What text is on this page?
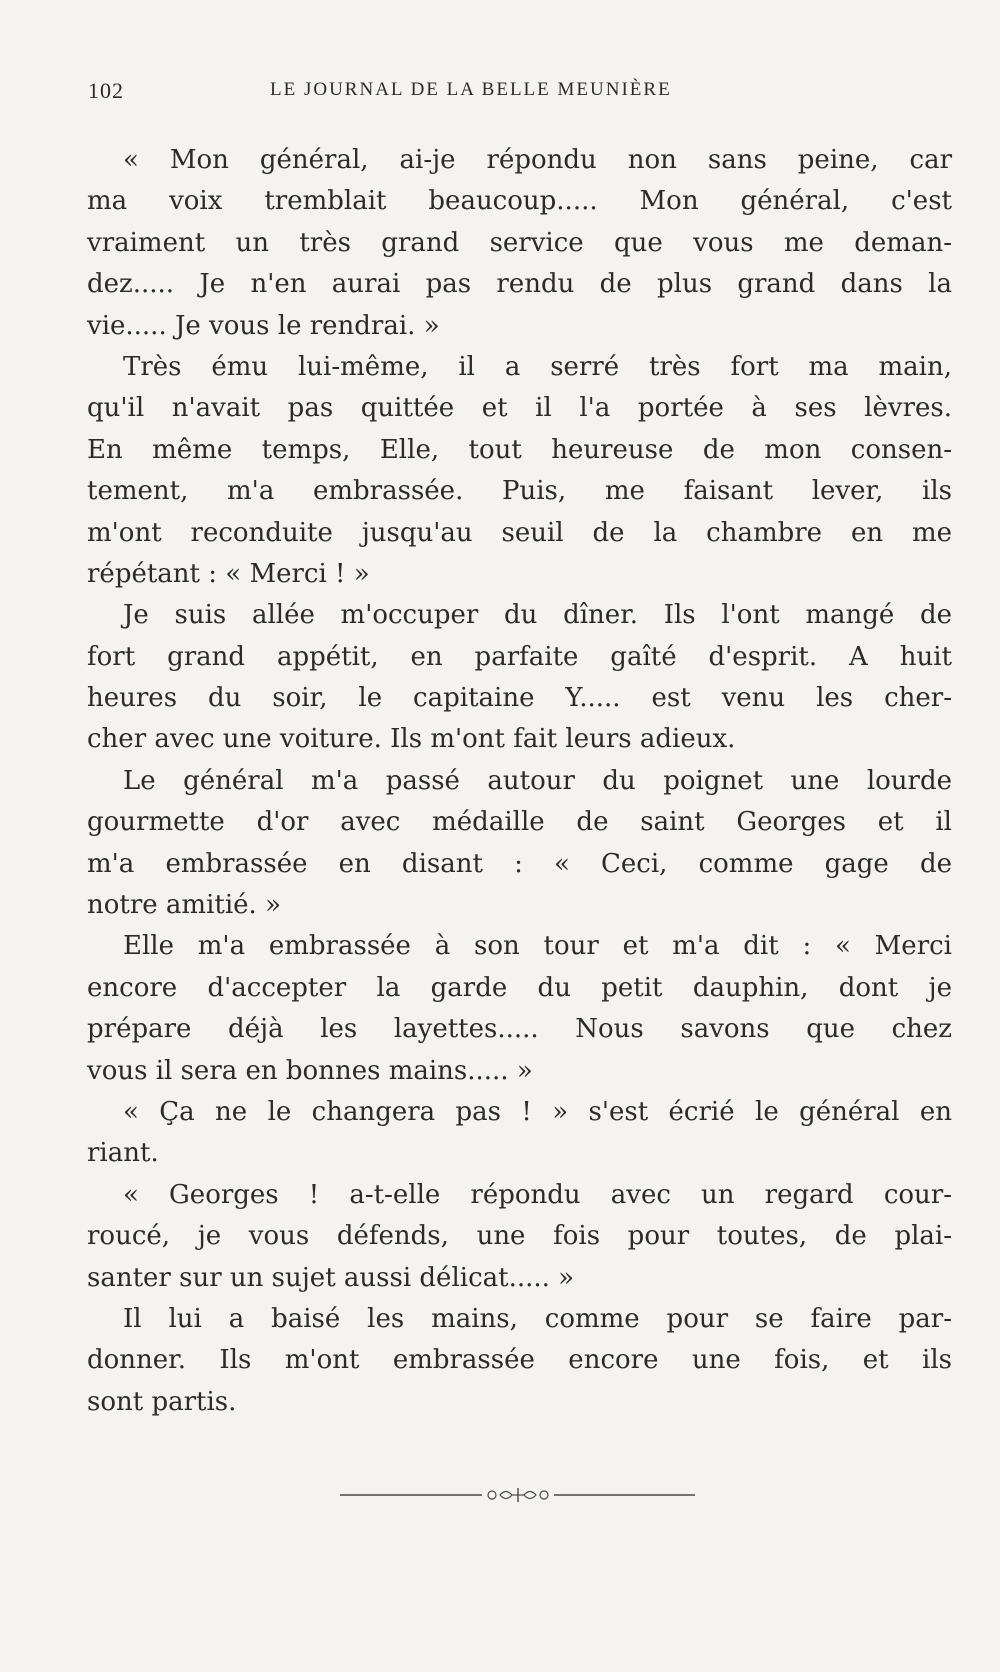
102	LE JOURNAL DE LA BELLE MEUNIÈRE
« Mon général, ai-je répondu non sans peine, car
ma voix tremblait beaucoup..... Mon général, c'est
vraiment un très grand service que vous me deman-
dez..... Je n'en aurai pas rendu de plus grand dans la
vie..... Je vous le rendrai. »
Très ému lui-même, il a serré très fort ma main,
qu'il n'avait pas quittée et il l'a portée à ses lèvres.
En même temps, Elle, tout heureuse de mon consen-
tement, m'a embrassée. Puis, me faisant lever, ils
m'ont reconduite jusqu'au seuil de la chambre en me
répétant : « Merci ! »
Je suis allée m'occuper du dîner. Ils l'ont mangé de
fort grand appétit, en parfaite gaîté d'esprit. A huit
heures du soir, le capitaine Y..... est venu les cher-
cher avec une voiture. Ils m'ont fait leurs adieux.
Le général m'a passé autour du poignet une lourde
gourmette d'or avec médaille de saint Georges et il
m'a embrassée en disant : « Ceci, comme gage de
notre amitié. »
Elle m'a embrassée à son tour et m'a dit : « Merci
encore d'accepter la garde du petit dauphin, dont je
prépare déjà les layettes..... Nous savons que chez
vous il sera en bonnes mains..... »
« Ça ne le changera pas ! » s'est écrié le général en
riant.
« Georges ! a-t-elle répondu avec un regard cour-
roucé, je vous défends, une fois pour toutes, de plai-
santer sur un sujet aussi délicat..... »
Il lui a baisé les mains, comme pour se faire par-
donner. Ils m'ont embrassée encore une fois, et ils
sont partis.
